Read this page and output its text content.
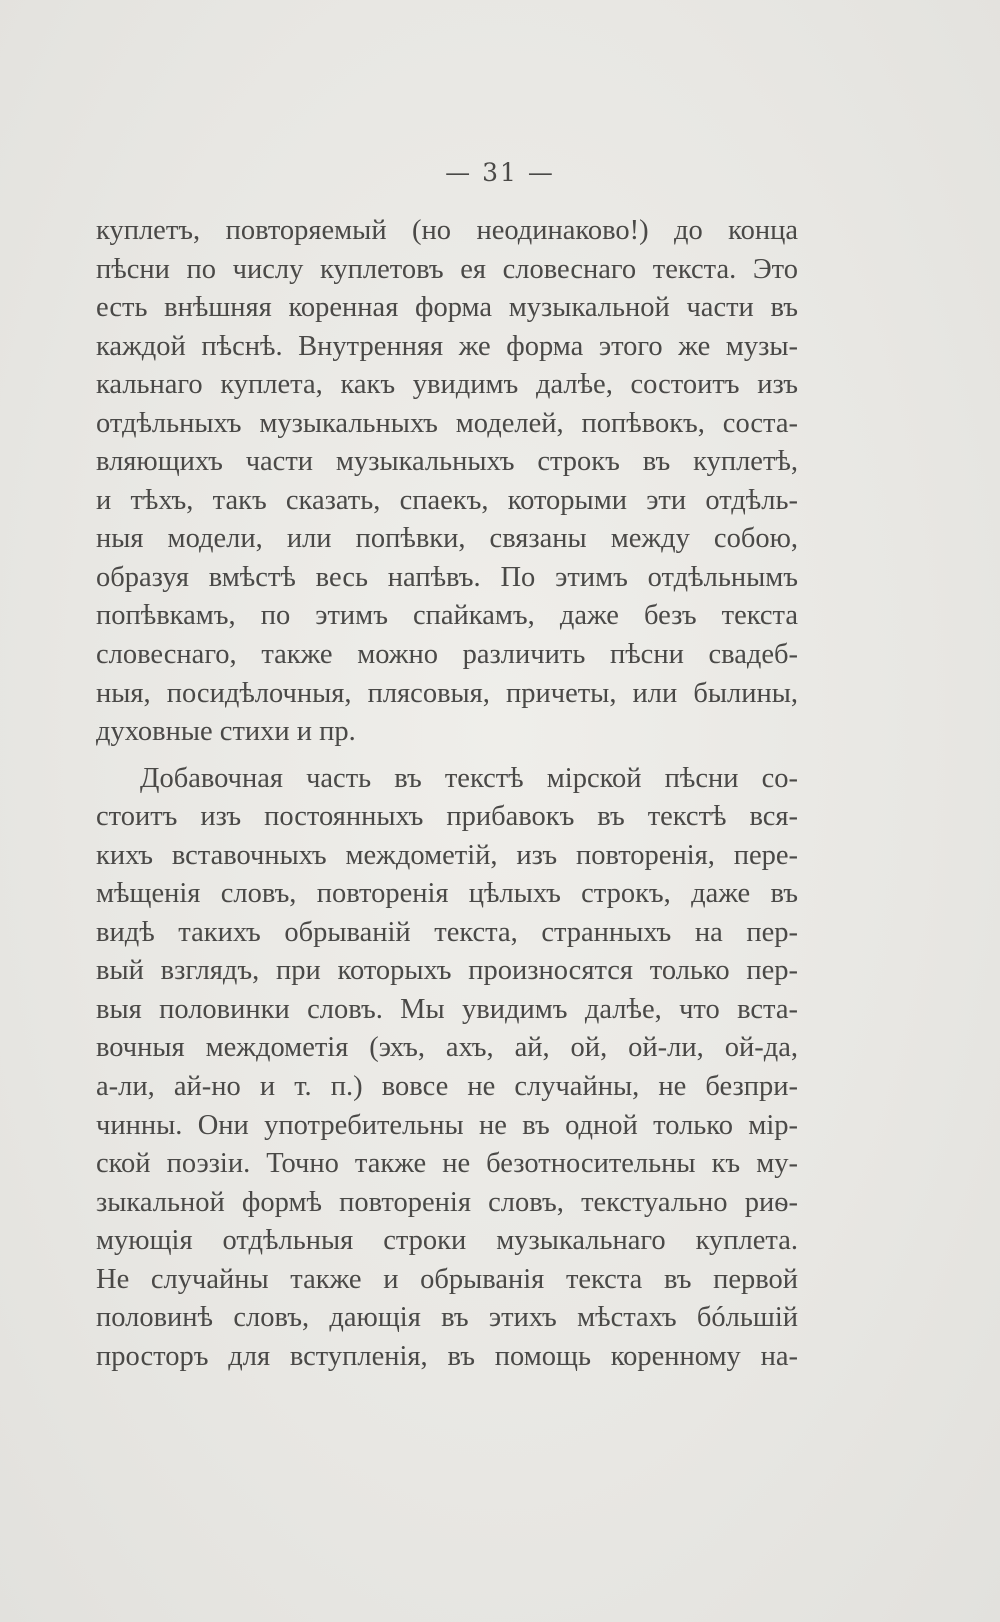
— 31 —
куплетъ, повторяемый (но неодинаково!) до конца
пѣсни по числу куплетовъ ея словеснаго текста. Это
есть внѣшняя коренная форма музыкальной части въ
каждой пѣснѣ. Внутренняя же форма этого же музы-
кальнаго куплета, какъ увидимъ далѣе, состоитъ изъ
отдѣльныхъ музыкальныхъ моделей, попѣвокъ, соста-
вляющихъ части музыкальныхъ строкъ въ куплетѣ,
и тѣхъ, такъ сказать, спаекъ, которыми эти отдѣль-
ныя модели, или попѣвки, связаны между собою,
образуя вмѣстѣ весь напѣвъ. По этимъ отдѣльнымъ
попѣвкамъ, по этимъ спайкамъ, даже безъ текста
словеснаго, также можно различить пѣсни свадеб-
ныя, посидѣлочныя, плясовыя, причеты, или былины,
духовные стихи и пр.
Добавочная часть въ текстѣ мiрской пѣсни со-
стоитъ изъ постоянныхъ прибавокъ въ текстѣ вся-
кихъ вставочныхъ междометiй, изъ повторенiя, пере-
мѣщенiя словъ, повторенiя цѣлыхъ строкъ, даже въ
видѣ такихъ обрыванiй текста, странныхъ на пер-
вый взглядъ, при которыхъ произносятся только пер-
выя половинки словъ. Мы увидимъ далѣе, что вста-
вочныя междометiя (эхъ, ахъ, ай, ой, ой-ли, ой-да,
а-ли, ай-но и т. п.) вовсе не случайны, не безпри-
чинны. Они употребительны не въ одной только мiр-
ской поэзiи. Точно также не безотносительны къ му-
зыкальной формѣ повторенiя словъ, текстуально риѳ-
мующiя отдѣльныя строки музыкальнаго куплета.
Не случайны также и обрыванiя текста въ первой
половинѣ словъ, дающiя въ этихъ мѣстахъ бóльшiй
просторъ для вступленiя, въ помощь коренному на-
